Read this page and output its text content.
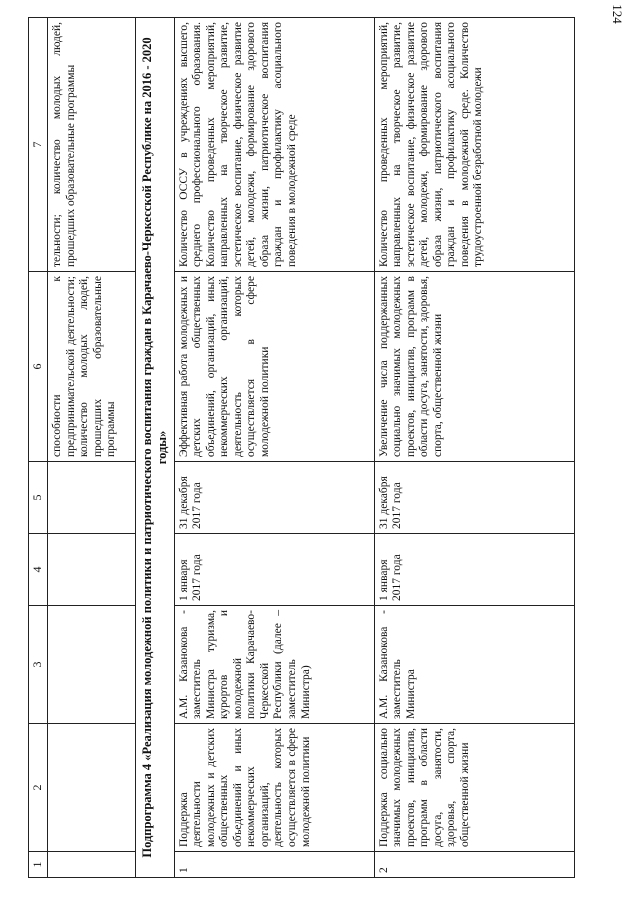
124
1	2	3	4	5	6	7
					способности к предпринимательской деятельности; количество молодых людей, прошедших образовательные программы	тельности; количество молодых людей, прошедших образовательные программы
Подпрограмма 4 «Реализация молодежной политики и патриотического воспитания граждан в Карачаево-Черкесской Республике на 2016 - 2020 годы»						
1	Поддержка деятельности молодежных и детских общественных объединений и иных некоммерческих организаций, деятельность которых осуществляется в сфере молодежной политики	А.М. Казанокова - заместитель Министра туризма, курортов и молодежной политики Карачаево-Черкесской Республики (далее – заместитель Министра)	1 января 2017 года	31 декабря 2017 года	Эффективная работа молодежных и детских общественных объединений, организаций, иных некоммерческих организаций, деятельность которых осуществляется в сфере молодежной политики	Количество ОССУ в учреждениях высшего, среднего профессионального образования. Количество проведенных мероприятий, направленных на творческое развитие, эстетическое воспитание, физическое развитие детей, молодежи, формирование здорового образа жизни, патриотическое воспитания граждан и профилактику асоциального поведения в молодежной среде
2	Поддержка социально значимых молодежных проектов, инициатив, программ в области досуга, занятости, здоровья, спорта, общественной жизни	А.М. Казанокова - заместитель Министра	1 января 2017 года	31 декабря 2017 года	Увеличение числа поддержанных социально значимых молодежных проектов, инициатив, программ в области досуга, занятости, здоровья, спорта, общественной жизни	Количество проведенных мероприятий, направленных на творческое развитие, эстетическое воспитание, физическое развитие детей, молодежи, формирование здорового образа жизни, патриотического воспитания граждан и профилактику асоциального поведения в молодежной среде. Количество трудоустроенной безработной молодежи
